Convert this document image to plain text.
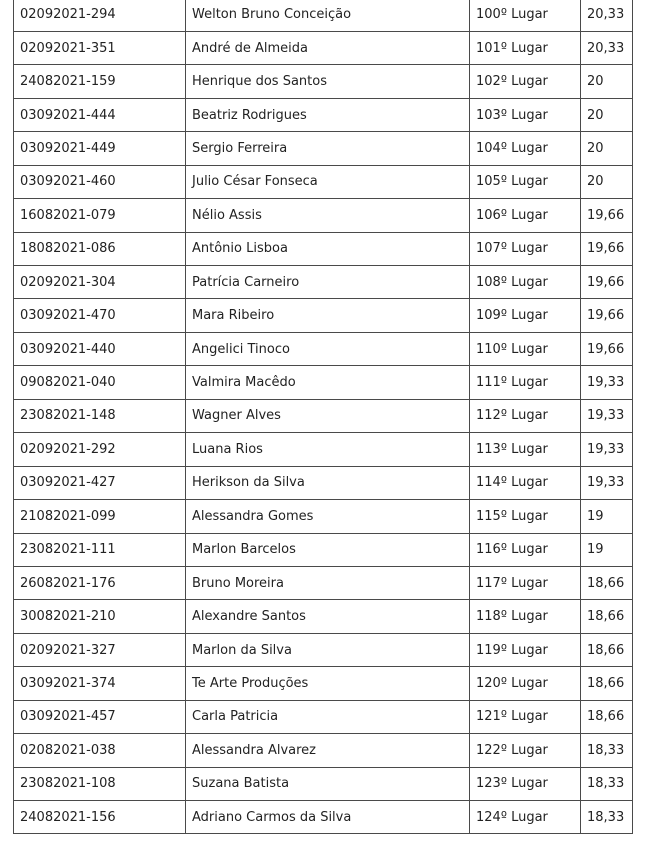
02092021-294	Welton Bruno Conceição	100º Lugar	20,33
02092021-351	André de Almeida	101º Lugar	20,33
24082021-159	Henrique dos Santos	102º Lugar	20
03092021-444	Beatriz Rodrigues	103º Lugar	20
03092021-449	Sergio Ferreira	104º Lugar	20
03092021-460	Julio César Fonseca	105º Lugar	20
16082021-079	Nélio Assis	106º Lugar	19,66
18082021-086	Antônio Lisboa	107º Lugar	19,66
02092021-304	Patrícia Carneiro	108º Lugar	19,66
03092021-470	Mara Ribeiro	109º Lugar	19,66
03092021-440	Angelici Tinoco	110º Lugar	19,66
09082021-040	Valmira Macêdo	111º Lugar	19,33
23082021-148	Wagner Alves	112º Lugar	19,33
02092021-292	Luana Rios	113º Lugar	19,33
03092021-427	Herikson da Silva	114º Lugar	19,33
21082021-099	Alessandra Gomes	115º Lugar	19
23082021-111	Marlon Barcelos	116º Lugar	19
26082021-176	Bruno Moreira	117º Lugar	18,66
30082021-210	Alexandre Santos	118º Lugar	18,66
02092021-327	Marlon da Silva	119º Lugar	18,66
03092021-374	Te Arte Produções	120º Lugar	18,66
03092021-457	Carla Patricia	121º Lugar	18,66
02082021-038	Alessandra Alvarez	122º Lugar	18,33
23082021-108	Suzana Batista	123º Lugar	18,33
24082021-156	Adriano Carmos da Silva	124º Lugar	18,33
